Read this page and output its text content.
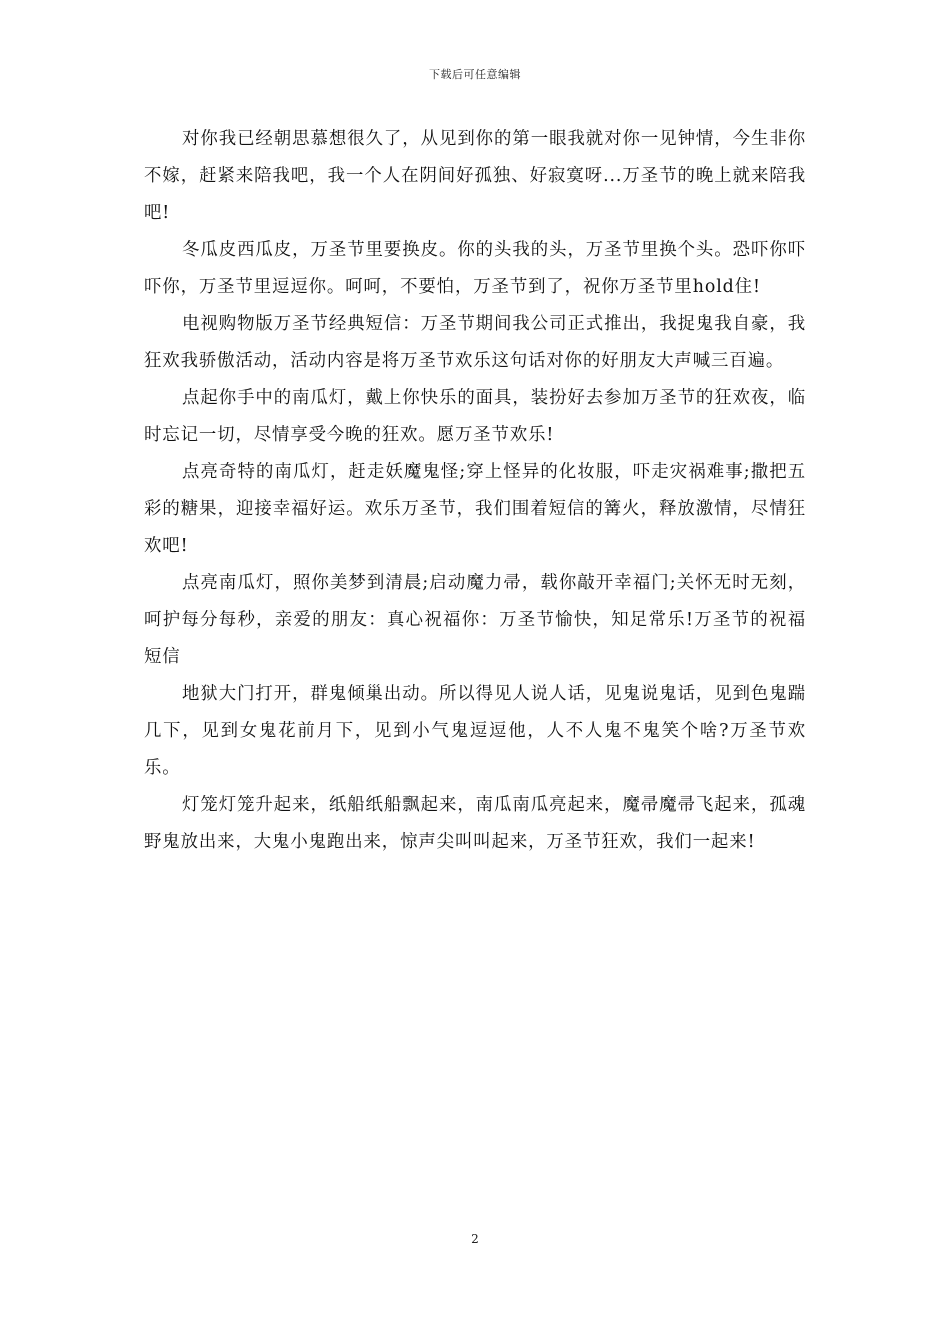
下载后可任意编辑

对你我已经朝思慕想很久了，从见到你的第一眼我就对你一见钟情，今生非你不嫁，赶紧来陪我吧，我一个人在阴间好孤独、好寂寞呀...万圣节的晚上就来陪我吧!

冬瓜皮西瓜皮，万圣节里要换皮。你的头我的头，万圣节里换个头。恐吓你吓吓你，万圣节里逗逗你。呵呵，不要怕，万圣节到了，祝你万圣节里hold住!

电视购物版万圣节经典短信：万圣节期间我公司正式推出，我捉鬼我自豪，我狂欢我骄傲活动，活动内容是将万圣节欢乐这句话对你的好朋友大声喊三百遍。

点起你手中的南瓜灯，戴上你快乐的面具，装扮好去参加万圣节的狂欢夜，临时忘记一切，尽情享受今晚的狂欢。愿万圣节欢乐!

点亮奇特的南瓜灯，赶走妖魔鬼怪;穿上怪异的化妆服，吓走灾祸难事;撒把五彩的糖果，迎接幸福好运。欢乐万圣节，我们围着短信的篝火，释放激情，尽情狂欢吧!

点亮南瓜灯，照你美梦到清晨;启动魔力帚，载你敲开幸福门;关怀无时无刻，呵护每分每秒，亲爱的朋友：真心祝福你：万圣节愉快，知足常乐!万圣节的祝福短信

地狱大门打开，群鬼倾巢出动。所以得见人说人话，见鬼说鬼话，见到色鬼踹几下，见到女鬼花前月下，见到小气鬼逗逗他，人不人鬼不鬼笑个啥?万圣节欢乐。

灯笼灯笼升起来，纸船纸船飘起来，南瓜南瓜亮起来，魔帚魔帚飞起来，孤魂野鬼放出来，大鬼小鬼跑出来，惊声尖叫叫起来，万圣节狂欢，我们一起来!

2
